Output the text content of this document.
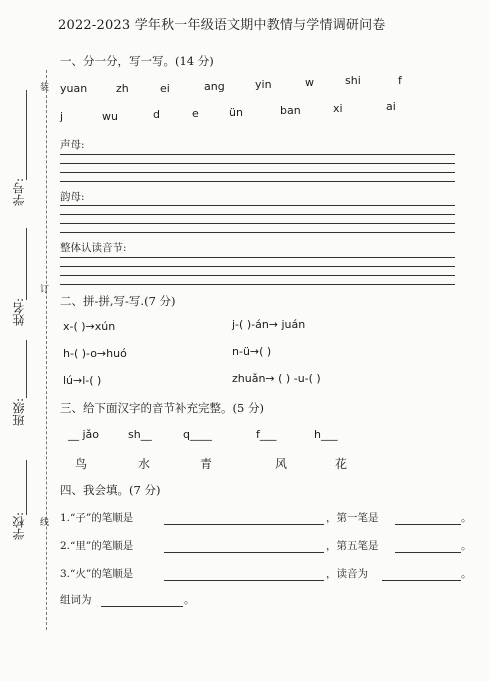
2022-2023 学年秋一年级语文期中教情与学情调研问卷
装
订
线
学号:
姓名:
班级:
学校:
一、分一分，写一写。(14 分)
yuan	zh	ei	ang	yin	w	shi	f
j	wu	d	e	ün	ban	xi	ai
声母:
韵母:
整体认读音节:
二、拼-拼,写-写.(7 分)
x-( )→xún	j-( )-án→ juán
h-( )-o→huó	n-ü→( )
lú→l-( )	zhuǎn→ ( ) -u-( )
三、给下面汉字的音节补充完整。(5 分)
__ jǎo	sh__	q____	f___	h___
鸟	水	青	风	花
四、我会填。(7 分)
1.“子”的笔顺是	，第一笔是	。
2.“里”的笔顺是	，第五笔是	。
3.“火”的笔顺是	，读音为	。
组词为	。
